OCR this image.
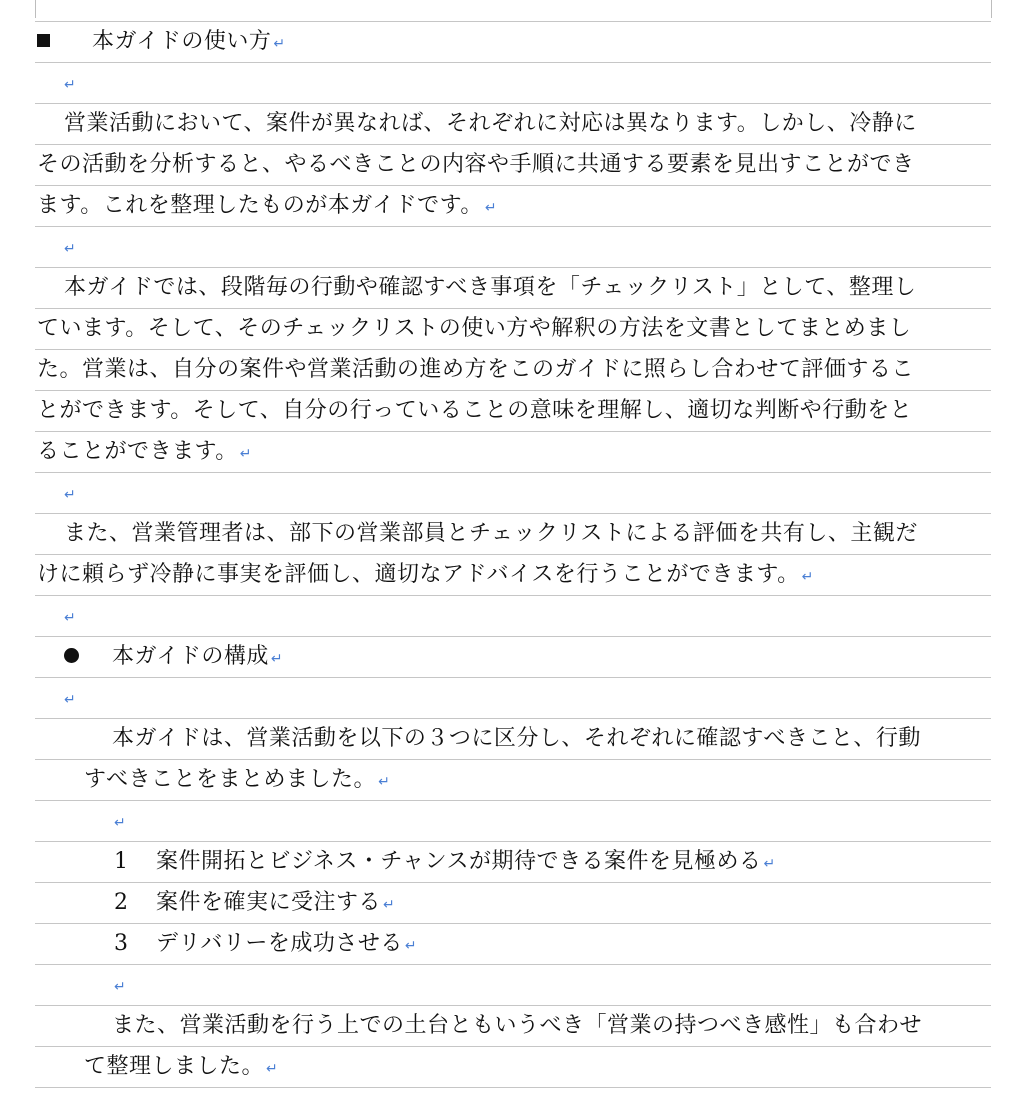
本ガイドの使い方 ↵
↵
営業活動において、案件が異なれば、それぞれに対応は異なります。しかし、冷静に
その活動を分析すると、やるべきことの内容や手順に共通する要素を見出すことができ
ます。これを整理したものが本ガイドです。 ↵
↵
本ガイドでは、段階毎の行動や確認すべき事項を「チェックリスト」として、整理し
ています。そして、そのチェックリストの使い方や解釈の方法を文書としてまとめまし
た。営業は、自分の案件や営業活動の進め方をこのガイドに照らし合わせて評価するこ
とができます。そして、自分の行っていることの意味を理解し、適切な判断や行動をと
ることができます。 ↵
↵
また、営業管理者は、部下の営業部員とチェックリストによる評価を共有し、主観だ
けに頼らず冷静に事実を評価し、適切なアドバイスを行うことができます。 ↵
↵
本ガイドの構成 ↵
↵
本ガイドは、営業活動を以下の３つに区分し、それぞれに確認すべきこと、行動
すべきことをまとめました。 ↵
↵
1 案件開拓とビジネス・チャンスが期待できる案件を見極める ↵
2 案件を確実に受注する ↵
3 デリバリーを成功させる ↵
↵
また、営業活動を行う上での土台ともいうべき「営業の持つべき感性」も合わせ
て整理しました。 ↵
